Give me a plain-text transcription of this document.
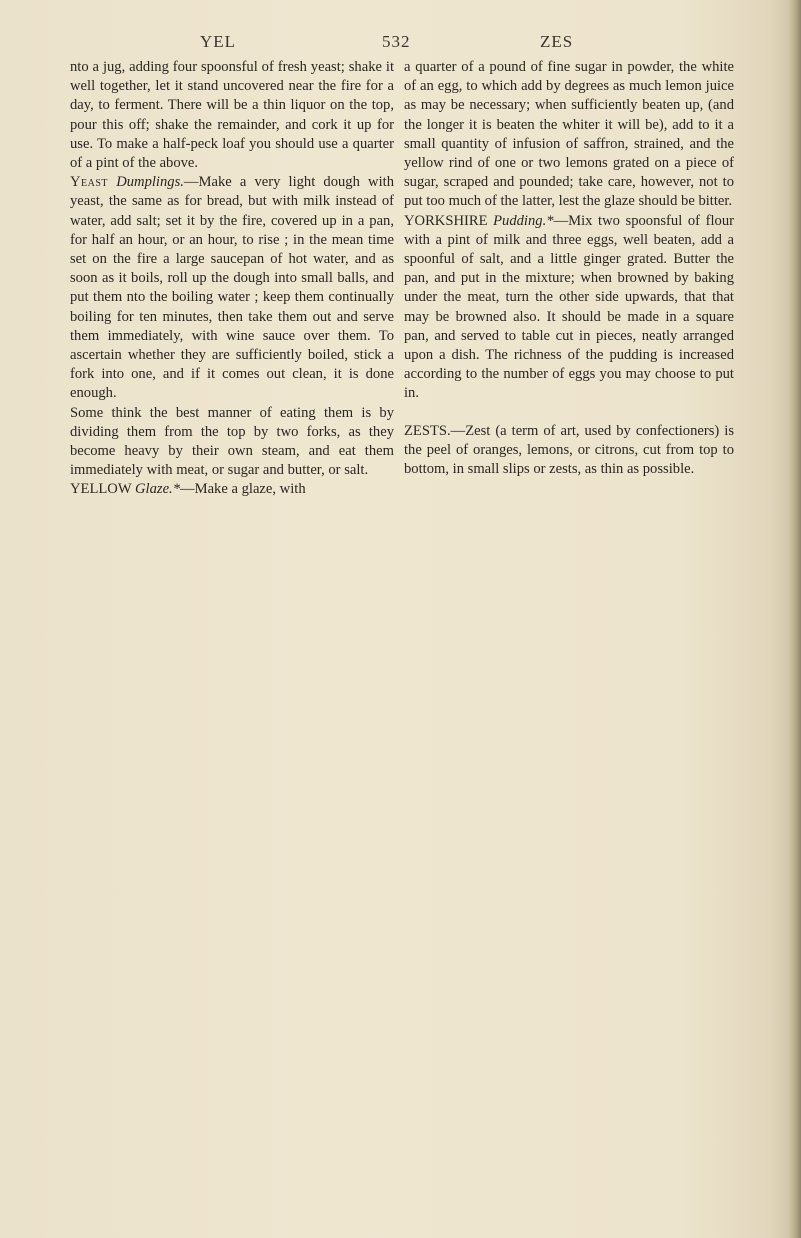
YEL	532	ZES

nto a jug, adding four spoonsful of fresh yeast; shake it well together, let it stand uncovered near the fire for a day, to ferment. There will be a thin liquor on the top, pour this off; shake the remainder, and cork it up for use. To make a half-peck loaf you should use a quarter of a pint of the above.

Yeast Dumplings.—Make a very light dough with yeast, the same as for bread, but with milk instead of water, add salt; set it by the fire, covered up in a pan, for half an hour, or an hour, to rise ; in the mean time set on the fire a large saucepan of hot water, and as soon as it boils, roll up the dough into small balls, and put them nto the boiling water ; keep them continually boiling for ten minutes, then take them out and serve them immediately, with wine sauce over them. To ascertain whether they are sufficiently boiled, stick a fork into one, and if it comes out clean, it is done enough.

Some think the best manner of eating them is by dividing them from the top by two forks, as they become heavy by their own steam, and eat them immediately with meat, or sugar and butter, or salt.

YELLOW Glaze.*—Make a glaze, with

a quarter of a pound of fine sugar in powder, the white of an egg, to which add by degrees as much lemon juice as may be necessary; when sufficiently beaten up, (and the longer it is beaten the whiter it will be), add to it a small quantity of infusion of saffron, strained, and the yellow rind of one or two lemons grated on a piece of sugar, scraped and pounded; take care, however, not to put too much of the latter, lest the glaze should be bitter.

YORKSHIRE Pudding.*—Mix two spoonsful of flour with a pint of milk and three eggs, well beaten, add a spoonful of salt, and a little ginger grated. Butter the pan, and put in the mixture; when browned by baking under the meat, turn the other side upwards, that that may be browned also. It should be made in a square pan, and served to table cut in pieces, neatly arranged upon a dish. The richness of the pudding is increased according to the number of eggs you may choose to put in.

ZESTS.—Zest (a term of art, used by confectioners) is the peel of oranges, lemons, or citrons, cut from top to bottom, in small slips or zests, as thin as possible.
